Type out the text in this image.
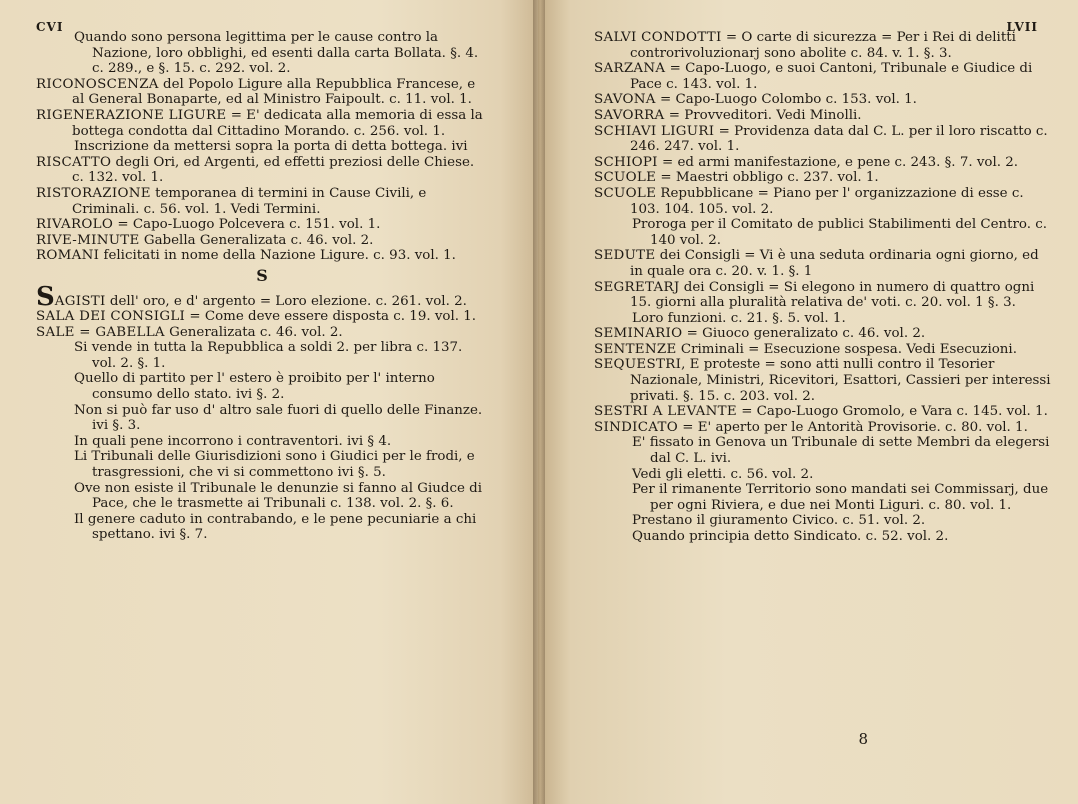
CVI

Quando sono persona legittima per le cause contro la Nazione, loro obblighi, ed esenti dalla carta Bollata. §. 4. c. 289., e §. 15. c. 292. vol. 2.

RICONOSCENZA del Popolo Ligure alla Repubblica Francese, e al General Bonaparte, ed al Ministro Faipoult. c. 11. vol. 1.

RIGENERAZIONE LIGURE = E' dedicata alla memoria di essa la bottega condotta dal Cittadino Morando. c. 256. vol. 1.

Inscrizione da mettersi sopra la porta di detta bottega. ivi

RISCATTO degli Ori, ed Argenti, ed effetti preziosi delle Chiese. c. 132. vol. 1.

RISTORAZIONE temporanea di termini in Cause Civili, e Criminali. c. 56. vol. 1. Vedi Termini.

RIVAROLO = Capo-Luogo Polcevera c. 151. vol. 1.

RIVE-MINUTE Gabella Generalizata c. 46. vol. 2.

ROMANI felicitati in nome della Nazione Ligure. c. 93. vol. 1.

S

SAGISTI dell' oro, e d' argento = Loro elezione. c. 261. vol. 2.

SALA DEI CONSIGLI = Come deve essere disposta c. 19. vol. 1.

SALE = GABELLA Generalizata c. 46. vol. 2.

Si vende in tutta la Repubblica a soldi 2. per libra c. 137. vol. 2. §. 1.

Quello di partito per l' estero è proibito per l' interno consumo dello stato. ivi §. 2.

Non si può far uso d' altro sale fuori di quello delle Finanze. ivi §. 3.

In quali pene incorrono i contraventori. ivi § 4.

Li Tribunali delle Giurisdizioni sono i Giudici per le frodi, e trasgressioni, che vi si commettono ivi §. 5.

Ove non esiste il Tribunale le denunzie si fanno al Giudce di Pace, che le trasmette ai Tribunali c. 138. vol. 2. §. 6.

Il genere caduto in contrabando, e le pene pecuniarie a chi spettano. ivi §. 7.

LVII

SALVI CONDOTTI = O carte di sicurezza = Per i Rei di delitti controrivoluzionarj sono abolite c. 84. v. 1. §. 3.

SARZANA = Capo-Luogo, e suoi Cantoni, Tribunale e Giudice di Pace c. 143. vol. 1.

SAVONA = Capo-Luogo Colombo c. 153. vol. 1.

SAVORRA = Provveditori. Vedi Minolli.

SCHIAVI LIGURI = Providenza data dal C. L. per il loro riscatto c. 246. 247. vol. 1.

SCHIOPI = ed armi manifestazione, e pene c. 243. §. 7. vol. 2.

SCUOLE = Maestri obbligo c. 237. vol. 1.

SCUOLE Repubblicane = Piano per l' organizzazione di esse c. 103. 104. 105. vol. 2.

Proroga per il Comitato de publici Stabilimenti del Centro. c. 140 vol. 2.

SEDUTE dei Consigli = Vi è una seduta ordinaria ogni giorno, ed in quale ora c. 20. v. 1. §. 1

SEGRETARJ dei Consigli = Si elegono in numero di quattro ogni 15. giorni alla pluralità relativa de' voti. c. 20. vol. 1 §. 3.

Loro funzioni. c. 21. §. 5. vol. 1.

SEMINARIO = Giuoco generalizato c. 46. vol. 2.

SENTENZE Criminali = Esecuzione sospesa. Vedi Esecuzioni.

SEQUESTRI, E proteste = sono atti nulli contro il Tesorier Nazionale, Ministri, Ricevitori, Esattori, Cassieri per interessi privati. §. 15. c. 203. vol. 2.

SESTRI A LEVANTE = Capo-Luogo Gromolo, e Vara c. 145. vol. 1.

SINDICATO = E' aperto per le Antorità Provisorie. c. 80. vol. 1.

E' fissato in Genova un Tribunale di sette Membri da elegersi dal C. L. ivi.

Vedi gli eletti. c. 56. vol. 2.

Per il rimanente Territorio sono mandati sei Commissarj, due per ogni Riviera, e due nei Monti Liguri. c. 80. vol. 1.

Prestano il giuramento Civico. c. 51. vol. 2.

Quando principia detto Sindicato. c. 52. vol. 2.

8
